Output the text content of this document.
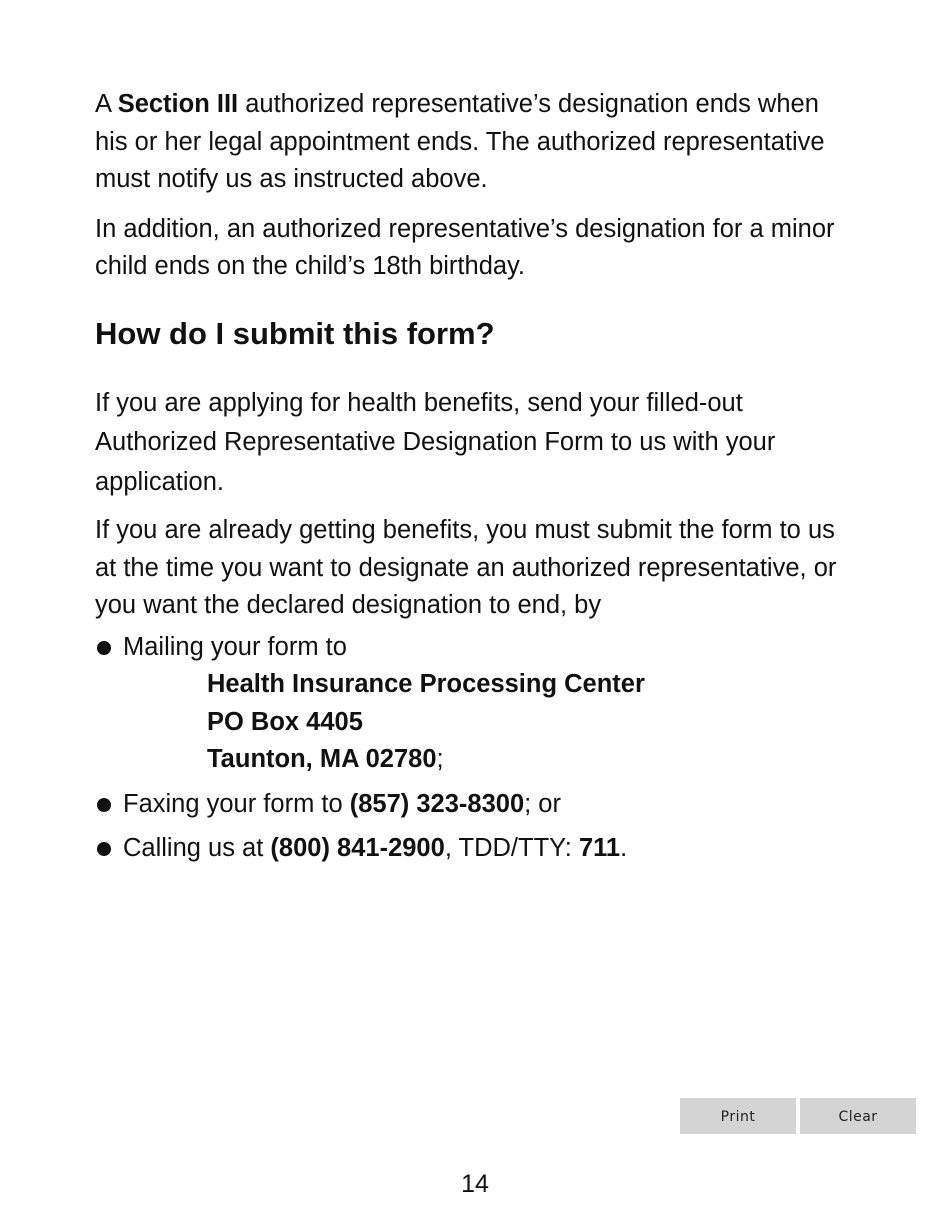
A Section III authorized representative’s designation ends when his or her legal appointment ends. The authorized representative must notify us as instructed above.

In addition, an authorized representative’s designation for a minor child ends on the child’s 18th birthday.

How do I submit this form?

If you are applying for health benefits, send your filled-out Authorized Representative Designation Form to us with your application.

If you are already getting benefits, you must submit the form to us at the time you want to designate an authorized representative, or you want the declared designation to end, by

Mailing your form to
Health Insurance Processing Center
PO Box 4405
Taunton, MA 02780;
Faxing your form to (857) 323-8300; or
Calling us at (800) 841-2900, TDD/TTY: 711.
Print	Clear
14
